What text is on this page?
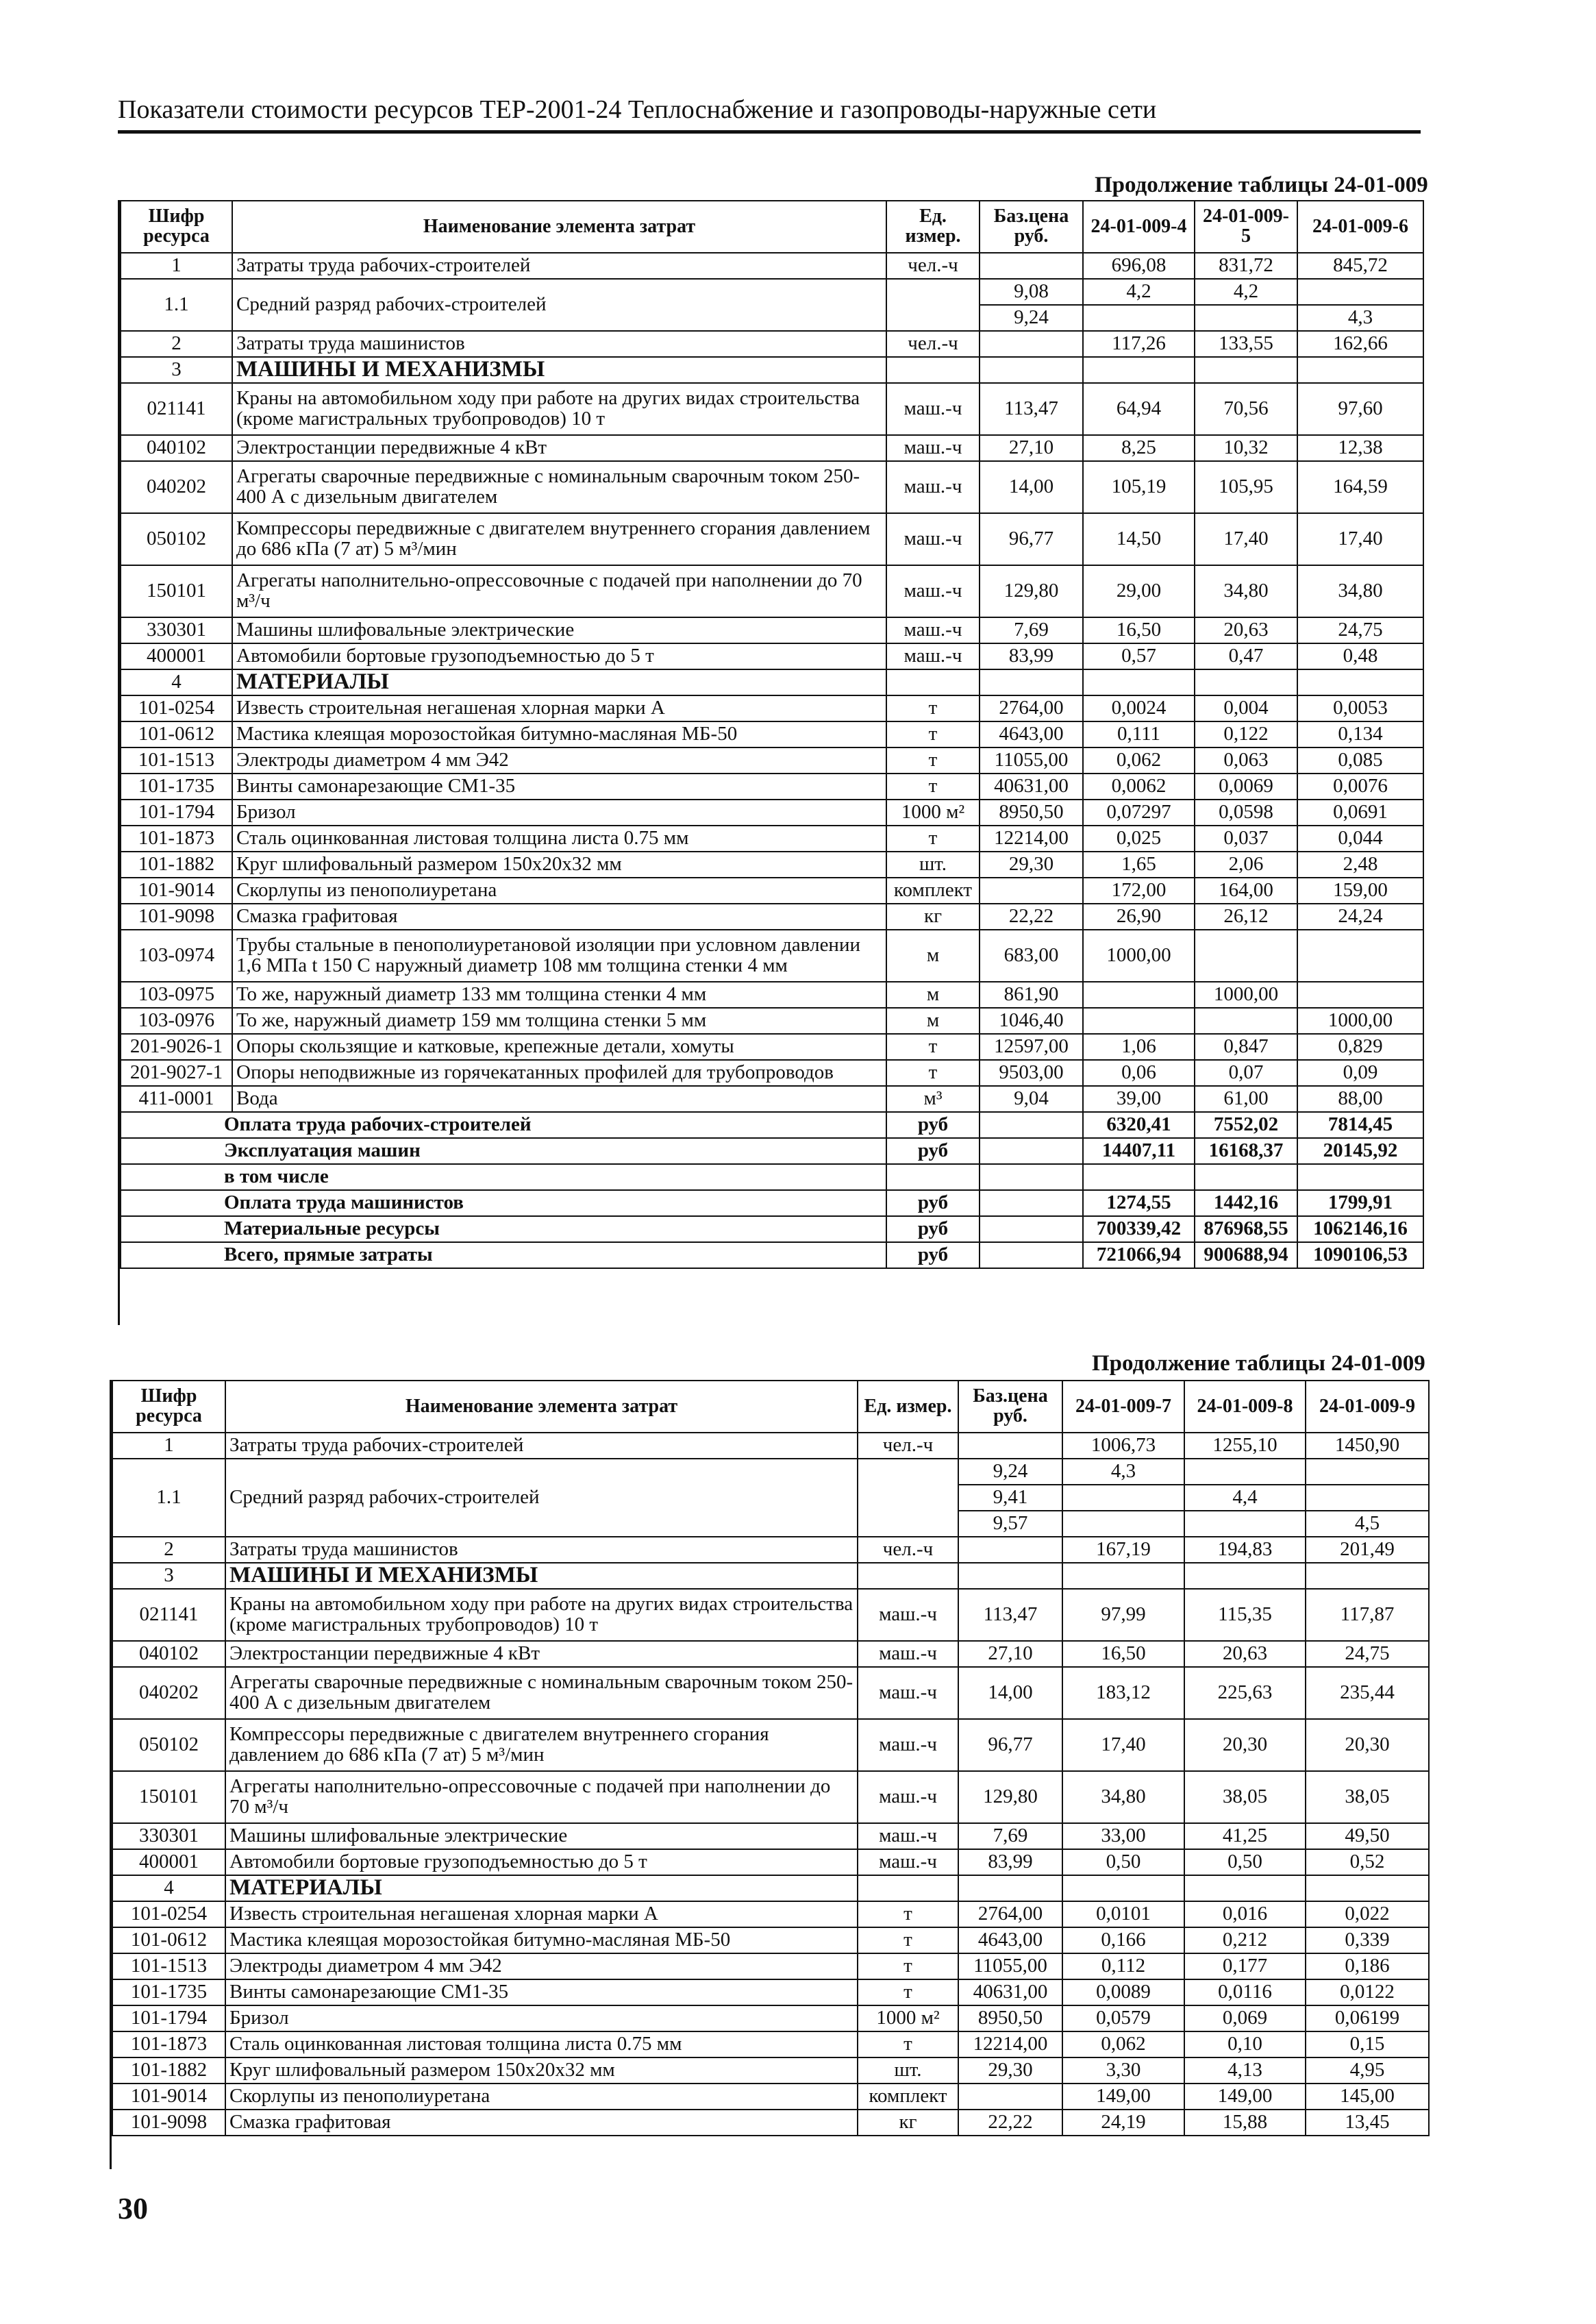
Показатели стоимости ресурсов ТЕР-2001-24 Теплоснабжение и газопроводы-наружные сети
Продолжение таблицы 24-01-009
Шифр ресурса	Наименование элемента затрат	Ед. измер.	Баз.цена руб.	24-01-009-4	24-01-009-5	24-01-009-6
1	Затраты труда рабочих-строителей	чел.-ч		696,08	831,72	845,72
1.1	Средний разряд рабочих-строителей		9,08	4,2	4,2	
			9,24			4,3
2	Затраты труда машинистов	чел.-ч		117,26	133,55	162,66
3	МАШИНЫ И МЕХАНИЗМЫ					
021141	Краны на автомобильном ходу при работе на других видах строительства (кроме магистральных трубопроводов) 10 т	маш.-ч	113,47	64,94	70,56	97,60
040102	Электростанции передвижные 4 кВт	маш.-ч	27,10	8,25	10,32	12,38
040202	Агрегаты сварочные передвижные с номинальным сварочным током 250-400 А с дизельным двигателем	маш.-ч	14,00	105,19	105,95	164,59
050102	Компрессоры передвижные с двигателем внутреннего сгорания давлением до 686 кПа (7 ат) 5 м³/мин	маш.-ч	96,77	14,50	17,40	17,40
150101	Агрегаты наполнительно-опрессовочные с подачей при наполнении до 70 м³/ч	маш.-ч	129,80	29,00	34,80	34,80
330301	Машины шлифовальные электрические	маш.-ч	7,69	16,50	20,63	24,75
400001	Автомобили бортовые грузоподъемностью до 5 т	маш.-ч	83,99	0,57	0,47	0,48
4	МАТЕРИАЛЫ					
101-0254	Известь строительная негашеная хлорная марки А	т	2764,00	0,0024	0,004	0,0053
101-0612	Мастика клеящая морозостойкая битумно-масляная МБ-50	т	4643,00	0,111	0,122	0,134
101-1513	Электроды диаметром 4 мм Э42	т	11055,00	0,062	0,063	0,085
101-1735	Винты самонарезающие СМ1-35	т	40631,00	0,0062	0,0069	0,0076
101-1794	Бризол	1000 м²	8950,50	0,07297	0,0598	0,0691
101-1873	Сталь оцинкованная листовая толщина листа 0.75 мм	т	12214,00	0,025	0,037	0,044
101-1882	Круг шлифовальный размером 150х20х32 мм	шт.	29,30	1,65	2,06	2,48
101-9014	Скорлупы из пенополиуретана	комплект		172,00	164,00	159,00
101-9098	Смазка графитовая	кг	22,22	26,90	26,12	24,24
103-0974	Трубы стальные в пенополиуретановой изоляции при условном давлении 1,6 МПа t 150 С наружный диаметр 108 мм толщина стенки 4 мм	м	683,00	1000,00		
103-0975	То же, наружный диаметр 133 мм толщина стенки 4 мм	м	861,90		1000,00	
103-0976	То же, наружный диаметр 159 мм толщина стенки 5 мм	м	1046,40			1000,00
201-9026-1	Опоры скользящие и катковые, крепежные детали, хомуты	т	12597,00	1,06	0,847	0,829
201-9027-1	Опоры неподвижные из горячекатанных профилей для трубопроводов	т	9503,00	0,06	0,07	0,09
411-0001	Вода	м³	9,04	39,00	61,00	88,00
Оплата труда рабочих-строителей		руб		6320,41	7552,02	7814,45
Эксплуатация машин		руб		14407,11	16168,37	20145,92
в том числе						
Оплата труда машинистов		руб		1274,55	1442,16	1799,91
Материальные ресурсы		руб		700339,42	876968,55	1062146,16
Всего, прямые затраты		руб		721066,94	900688,94	1090106,53
Продолжение таблицы 24-01-009
Шифр ресурса	Наименование элемента затрат	Ед. измер.	Баз.цена руб.	24-01-009-7	24-01-009-8	24-01-009-9
1	Затраты труда рабочих-строителей	чел.-ч		1006,73	1255,10	1450,90
1.1	Средний разряд рабочих-строителей		9,24	4,3		
			9,41		4,4	
			9,57			4,5
2	Затраты труда машинистов	чел.-ч		167,19	194,83	201,49
3	МАШИНЫ И МЕХАНИЗМЫ					
021141	Краны на автомобильном ходу при работе на других видах строительства (кроме магистральных трубопроводов) 10 т	маш.-ч	113,47	97,99	115,35	117,87
040102	Электростанции передвижные 4 кВт	маш.-ч	27,10	16,50	20,63	24,75
040202	Агрегаты сварочные передвижные с номинальным сварочным током 250-400 А с дизельным двигателем	маш.-ч	14,00	183,12	225,63	235,44
050102	Компрессоры передвижные с двигателем внутреннего сгорания давлением до 686 кПа (7 ат) 5 м³/мин	маш.-ч	96,77	17,40	20,30	20,30
150101	Агрегаты наполнительно-опрессовочные с подачей при наполнении до 70 м³/ч	маш.-ч	129,80	34,80	38,05	38,05
330301	Машины шлифовальные электрические	маш.-ч	7,69	33,00	41,25	49,50
400001	Автомобили бортовые грузоподъемностью до 5 т	маш.-ч	83,99	0,50	0,50	0,52
4	МАТЕРИАЛЫ					
101-0254	Известь строительная негашеная хлорная марки А	т	2764,00	0,0101	0,016	0,022
101-0612	Мастика клеящая морозостойкая битумно-масляная МБ-50	т	4643,00	0,166	0,212	0,339
101-1513	Электроды диаметром 4 мм Э42	т	11055,00	0,112	0,177	0,186
101-1735	Винты самонарезающие СМ1-35	т	40631,00	0,0089	0,0116	0,0122
101-1794	Бризол	1000 м²	8950,50	0,0579	0,069	0,06199
101-1873	Сталь оцинкованная листовая толщина листа 0.75 мм	т	12214,00	0,062	0,10	0,15
101-1882	Круг шлифовальный размером 150х20х32 мм	шт.	29,30	3,30	4,13	4,95
101-9014	Скорлупы из пенополиуретана	комплект		149,00	149,00	145,00
101-9098	Смазка графитовая	кг	22,22	24,19	15,88	13,45
30
